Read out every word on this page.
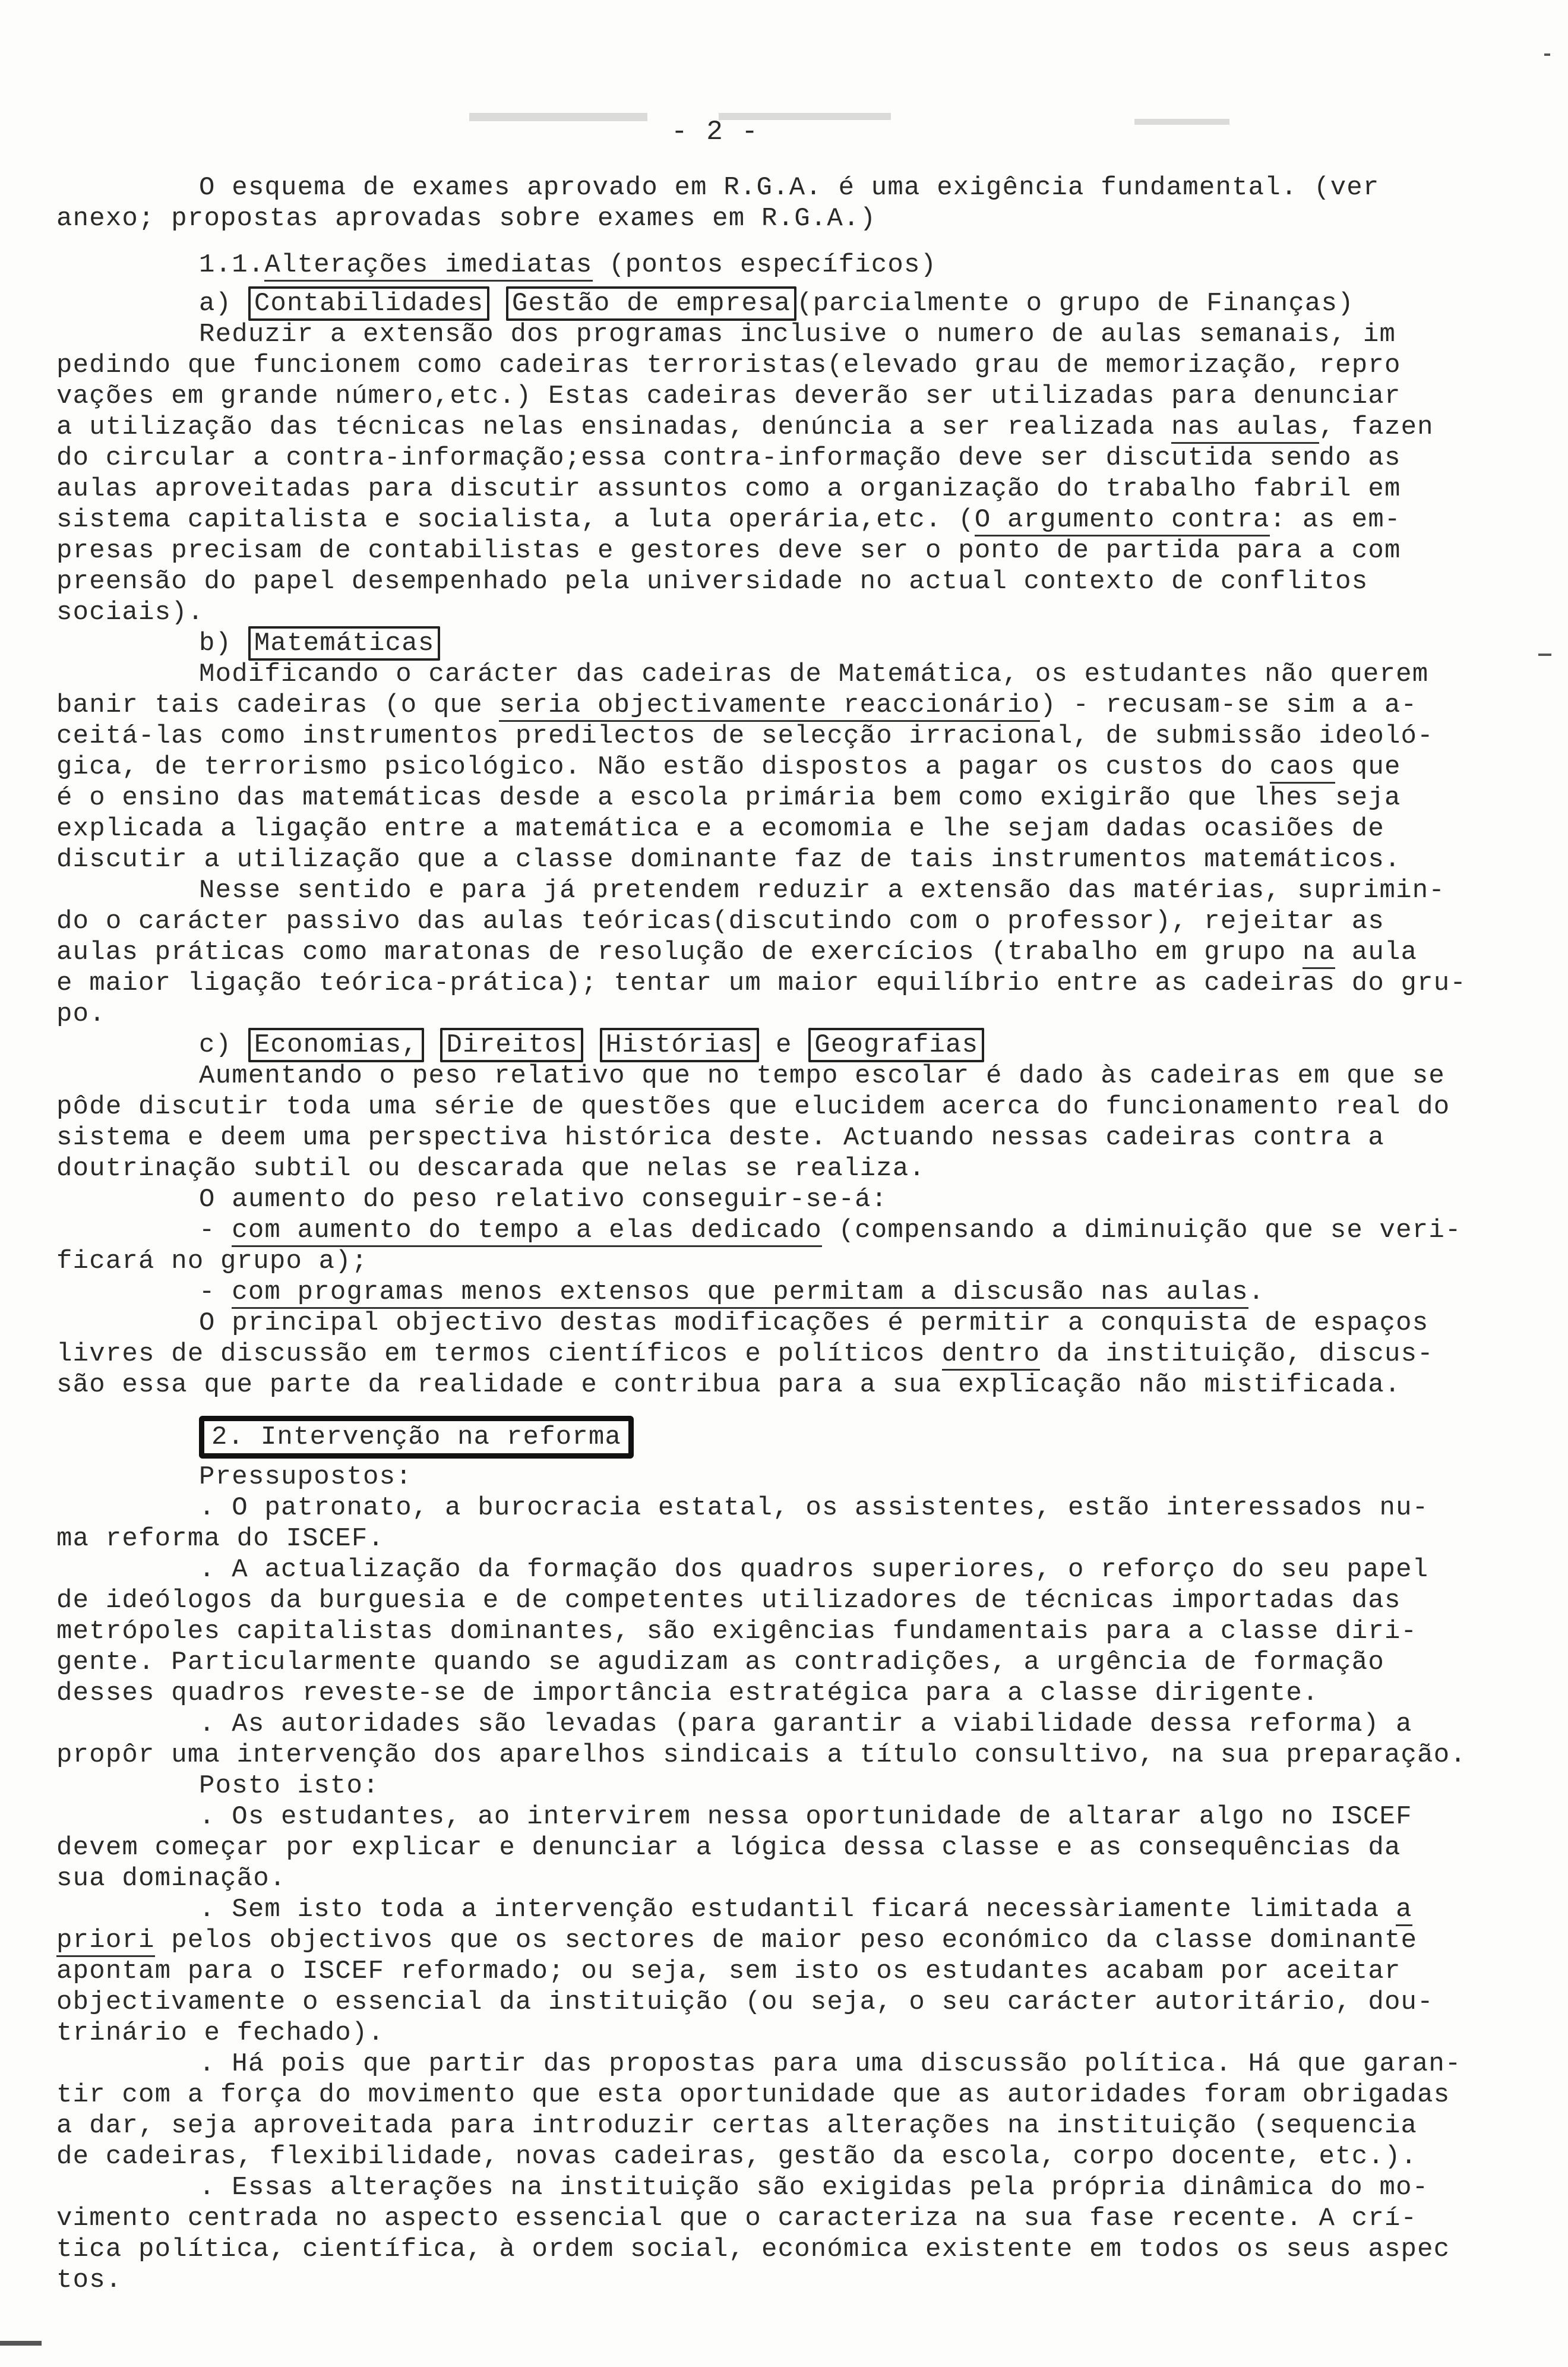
- 2 -
O esquema de exames aprovado em R.G.A. é uma exigência fundamental. (ver
anexo; propostas aprovadas sobre exames em R.G.A.)
1.1.Alterações imediatas (pontos específicos)
a) Contabilidades Gestão de empresa (parcialmente o grupo de Finanças)
Reduzir a extensão dos programas inclusive o numero de aulas semanais, im
pedindo que funcionem como cadeiras terroristas(elevado grau de memorização, repro
vações em grande número,etc.) Estas cadeiras deverão ser utilizadas para denunciar
a utilização das técnicas nelas ensinadas, denúncia a ser realizada nas aulas, fazen
do circular a contra-informação;essa contra-informação deve ser discutida sendo as
aulas aproveitadas para discutir assuntos como a organização do trabalho fabril em
sistema capitalista e socialista, a luta operária,etc. (O argumento contra: as em-
presas precisam de contabilistas e gestores deve ser o ponto de partida para a com
preensão do papel desempenhado pela universidade no actual contexto de conflitos
sociais).
b) Matemáticas
Modificando o carácter das cadeiras de Matemática, os estudantes não querem
banir tais cadeiras (o que seria objectivamente reaccionário) - recusam-se sim a a-
ceitá-las como instrumentos predilectos de selecção irracional, de submissão ideoló-
gica, de terrorismo psicológico. Não estão dispostos a pagar os custos do caos que
é o ensino das matemáticas desde a escola primária bem como exigirão que lhes seja
explicada a ligação entre a matemática e a ecomomia e lhe sejam dadas ocasiões de
discutir a utilização que a classe dominante faz de tais instrumentos matemáticos.
Nesse sentido e para já pretendem reduzir a extensão das matérias, suprimin-
do o carácter passivo das aulas teóricas(discutindo com o professor), rejeitar as
aulas práticas como maratonas de resolução de exercícios (trabalho em grupo na aula
e maior ligação teórica-prática); tentar um maior equilíbrio entre as cadeiras do gru-
po.
c) Economias, Direitos Histórias e Geografias
Aumentando o peso relativo que no tempo escolar é dado às cadeiras em que se
pôde discutir toda uma série de questões que elucidem acerca do funcionamento real do
sistema e deem uma perspectiva histórica deste. Actuando nessas cadeiras contra a
doutrinação subtil ou descarada que nelas se realiza.
O aumento do peso relativo conseguir-se-á:
- com aumento do tempo a elas dedicado (compensando a diminuição que se veri-
ficará no grupo a);
- com programas menos extensos que permitam a discusão nas aulas.
O principal objectivo destas modificações é permitir a conquista de espaços
livres de discussão em termos científicos e políticos dentro da instituição, discus-
são essa que parte da realidade e contribua para a sua explicação não mistificada.
2. Intervenção na reforma
Pressupostos:
. O patronato, a burocracia estatal, os assistentes, estão interessados nu-
ma reforma do ISCEF.
. A actualização da formação dos quadros superiores, o reforço do seu papel
de ideólogos da burguesia e de competentes utilizadores de técnicas importadas das
metrópoles capitalistas dominantes, são exigências fundamentais para a classe diri-
gente. Particularmente quando se agudizam as contradições, a urgência de formação
desses quadros reveste-se de importância estratégica para a classe dirigente.
. As autoridades são levadas (para garantir a viabilidade dessa reforma) a
propôr uma intervenção dos aparelhos sindicais a título consultivo, na sua preparação.
Posto isto:
. Os estudantes, ao intervirem nessa oportunidade de altarar algo no ISCEF
devem começar por explicar e denunciar a lógica dessa classe e as consequências da
sua dominação.
. Sem isto toda a intervenção estudantil ficará necessàriamente limitada a
priori pelos objectivos que os sectores de maior peso económico da classe dominante
apontam para o ISCEF reformado; ou seja, sem isto os estudantes acabam por aceitar
objectivamente o essencial da instituição (ou seja, o seu carácter autoritário, dou-
trinário e fechado).
. Há pois que partir das propostas para uma discussão política. Há que garan-
tir com a força do movimento que esta oportunidade que as autoridades foram obrigadas
a dar, seja aproveitada para introduzir certas alterações na instituição (sequencia
de cadeiras, flexibilidade, novas cadeiras, gestão da escola, corpo docente, etc.).
. Essas alterações na instituição são exigidas pela própria dinâmica do mo-
vimento centrada no aspecto essencial que o caracteriza na sua fase recente. A crí-
tica política, científica, à ordem social, económica existente em todos os seus aspec
tos.
